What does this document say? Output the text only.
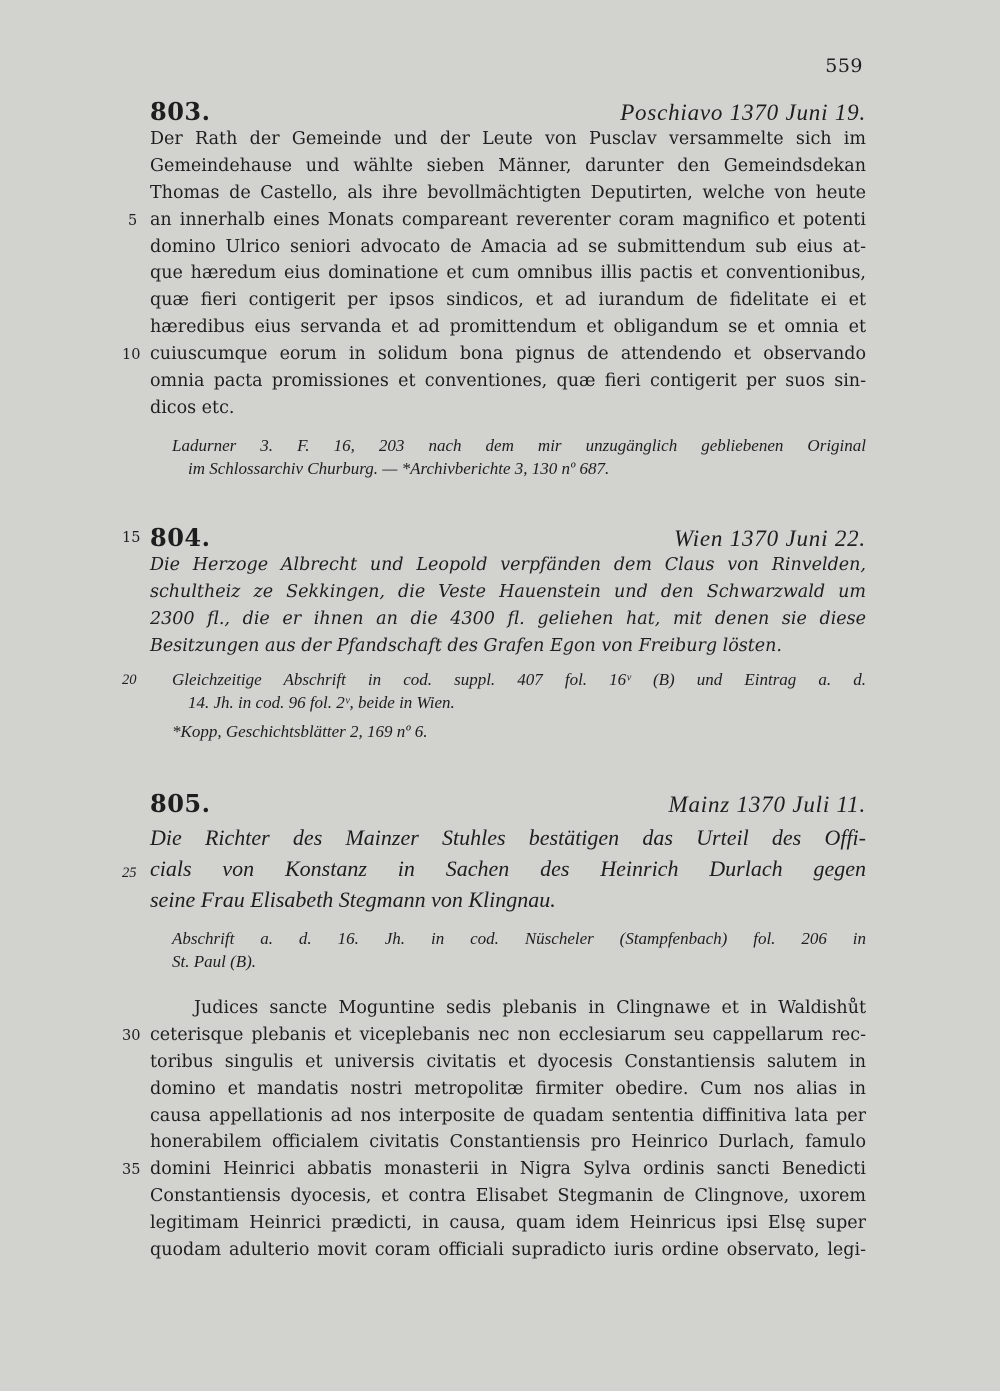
559
803.	Poschiavo 1370 Juni 19.
Der Rath der Gemeinde und der Leute von Pusclav versammelte sich im
Gemeindehause und wählte sieben Männer, darunter den Gemeindsdekan
Thomas de Castello, als ihre bevollmächtigten Deputirten, welche von heute
5 an innerhalb eines Monats compareant reverenter coram magnifico et potenti
domino Ulrico seniori advocato de Amacia ad se submittendum sub eius at-
que hæredum eius dominatione et cum omnibus illis pactis et conventionibus,
quæ fieri contigerit per ipsos sindicos, et ad iurandum de fidelitate ei et
hæredibus eius servanda et ad promittendum et obligandum se et omnia et
10 cuiuscumque eorum in solidum bona pignus de attendendo et observando
omnia pacta promissiones et conventiones, quæ fieri contigerit per suos sin-
dicos etc.
Ladurner 3. F. 16, 203 nach dem mir unzugänglich gebliebenen Original
im Schlossarchiv Churburg. — *Archivberichte 3, 130 nº 687.
15 804.	Wien 1370 Juni 22.
Die Herzoge Albrecht und Leopold verpfänden dem Claus von Rinvelden,
schultheiz ze Sekkingen, die Veste Hauenstein und den Schwarzwald um
2300 fl., die er ihnen an die 4300 fl. geliehen hat, mit denen sie diese
Besitzungen aus der Pfandschaft des Grafen Egon von Freiburg lösten.
20 Gleichzeitige Abschrift in cod. suppl. 407 fol. 16ᵛ (B) und Eintrag a. d.
14. Jh. in cod. 96 fol. 2ᵛ, beide in Wien.
*Kopp, Geschichtsblätter 2, 169 nº 6.
805.	Mainz 1370 Juli 11.
Die Richter des Mainzer Stuhles bestätigen das Urteil des Offi-
25 cials von Konstanz in Sachen des Heinrich Durlach gegen
seine Frau Elisabeth Stegmann von Klingnau.
Abschrift a. d. 16. Jh. in cod. Nüscheler (Stampfenbach) fol. 206 in
St. Paul (B).
Judices sancte Moguntine sedis plebanis in Clingnawe et in Waldishůt
30 ceterisque plebanis et viceplebanis nec non ecclesiarum seu cappellarum rec-
toribus singulis et universis civitatis et dyocesis Constantiensis salutem in
domino et mandatis nostri metropolitæ firmiter obedire. Cum nos alias in
causa appellationis ad nos interposite de quadam sententia diffinitiva lata per
honerabilem officialem civitatis Constantiensis pro Heinrico Durlach, famulo
35 domini Heinrici abbatis monasterii in Nigra Sylva ordinis sancti Benedicti
Constantiensis dyocesis, et contra Elisabet Stegmanin de Clingnove, uxorem
legitimam Heinrici prædicti, in causa, quam idem Heinricus ipsi Elsę super
quodam adulterio movit coram officiali supradicto iuris ordine observato, legi-
